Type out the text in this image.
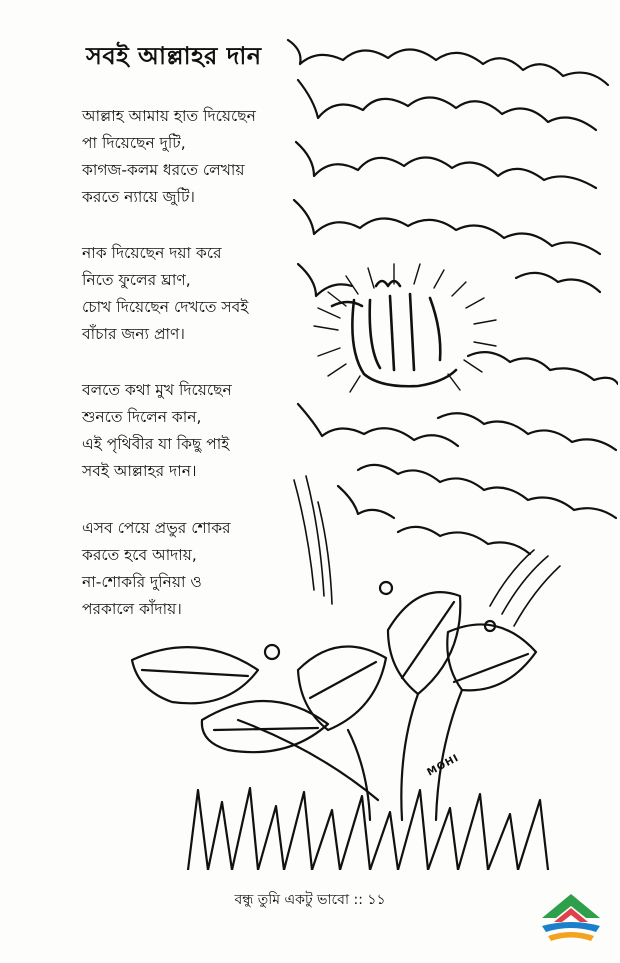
সবই আল্লাহর দান
আল্লাহ আমায় হাত দিয়েছেন
পা দিয়েছেন দুটি,
কাগজ-কলম ধরতে লেখায়
করতে ন্যায়ে জুটি।
নাক দিয়েছেন দয়া করে
নিতে ফুলের ঘ্রাণ,
চোখ দিয়েছেন দেখতে সবই
বাঁচার জন্য প্রাণ।
বলতে কথা মুখ দিয়েছেন
শুনতে দিলেন কান,
এই পৃথিবীর যা কিছু পাই
সবই আল্লাহর দান।
এসব পেয়ে প্রভুর শোকর
করতে হবে আদায়,
না-শোকরি দুনিয়া ও
পরকালে কাঁদায়।
MOHI
বন্ধু তুমি একটু ভাবো :: ১১
